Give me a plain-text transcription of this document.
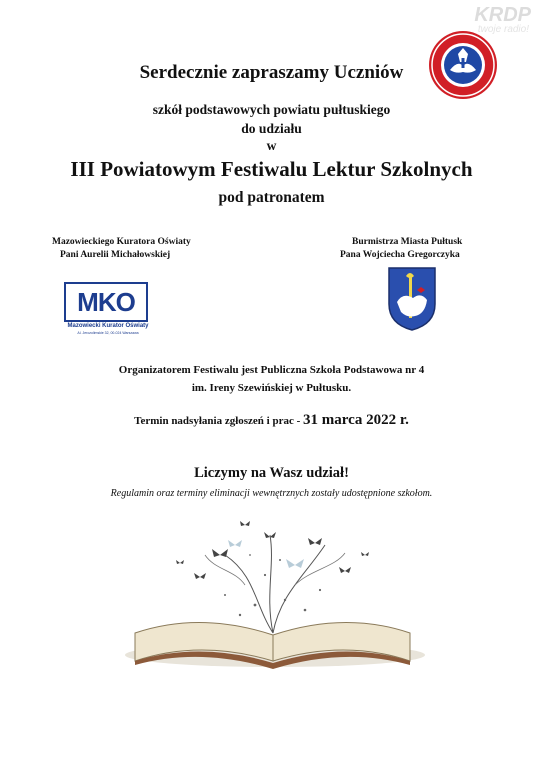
KRDP
twoje radio!
Serdecznie zapraszamy Uczniów
szkół podstawowych powiatu pułtuskiego
do udziału
w
III Powiatowym Festiwalu Lektur Szkolnych
pod patronatem
Mazowieckiego Kuratora Oświaty
Pani Aurelii Michałowskiej
Burmistrza Miasta Pułtusk
Pana Wojciecha Gregorczyka
MKO
Mazowiecki Kurator Oświaty
Al. Jerozolimskie 32, 00-024 Warszawa
Organizatorem Festiwalu jest Publiczna Szkoła Podstawowa nr 4
im. Ireny Szewińskiej w Pułtusku.
Termin nadsyłania zgłoszeń i prac - 31 marca 2022 r.
Liczymy na Wasz udział!
Regulamin oraz terminy eliminacji wewnętrznych zostały udostępnione szkołom.
